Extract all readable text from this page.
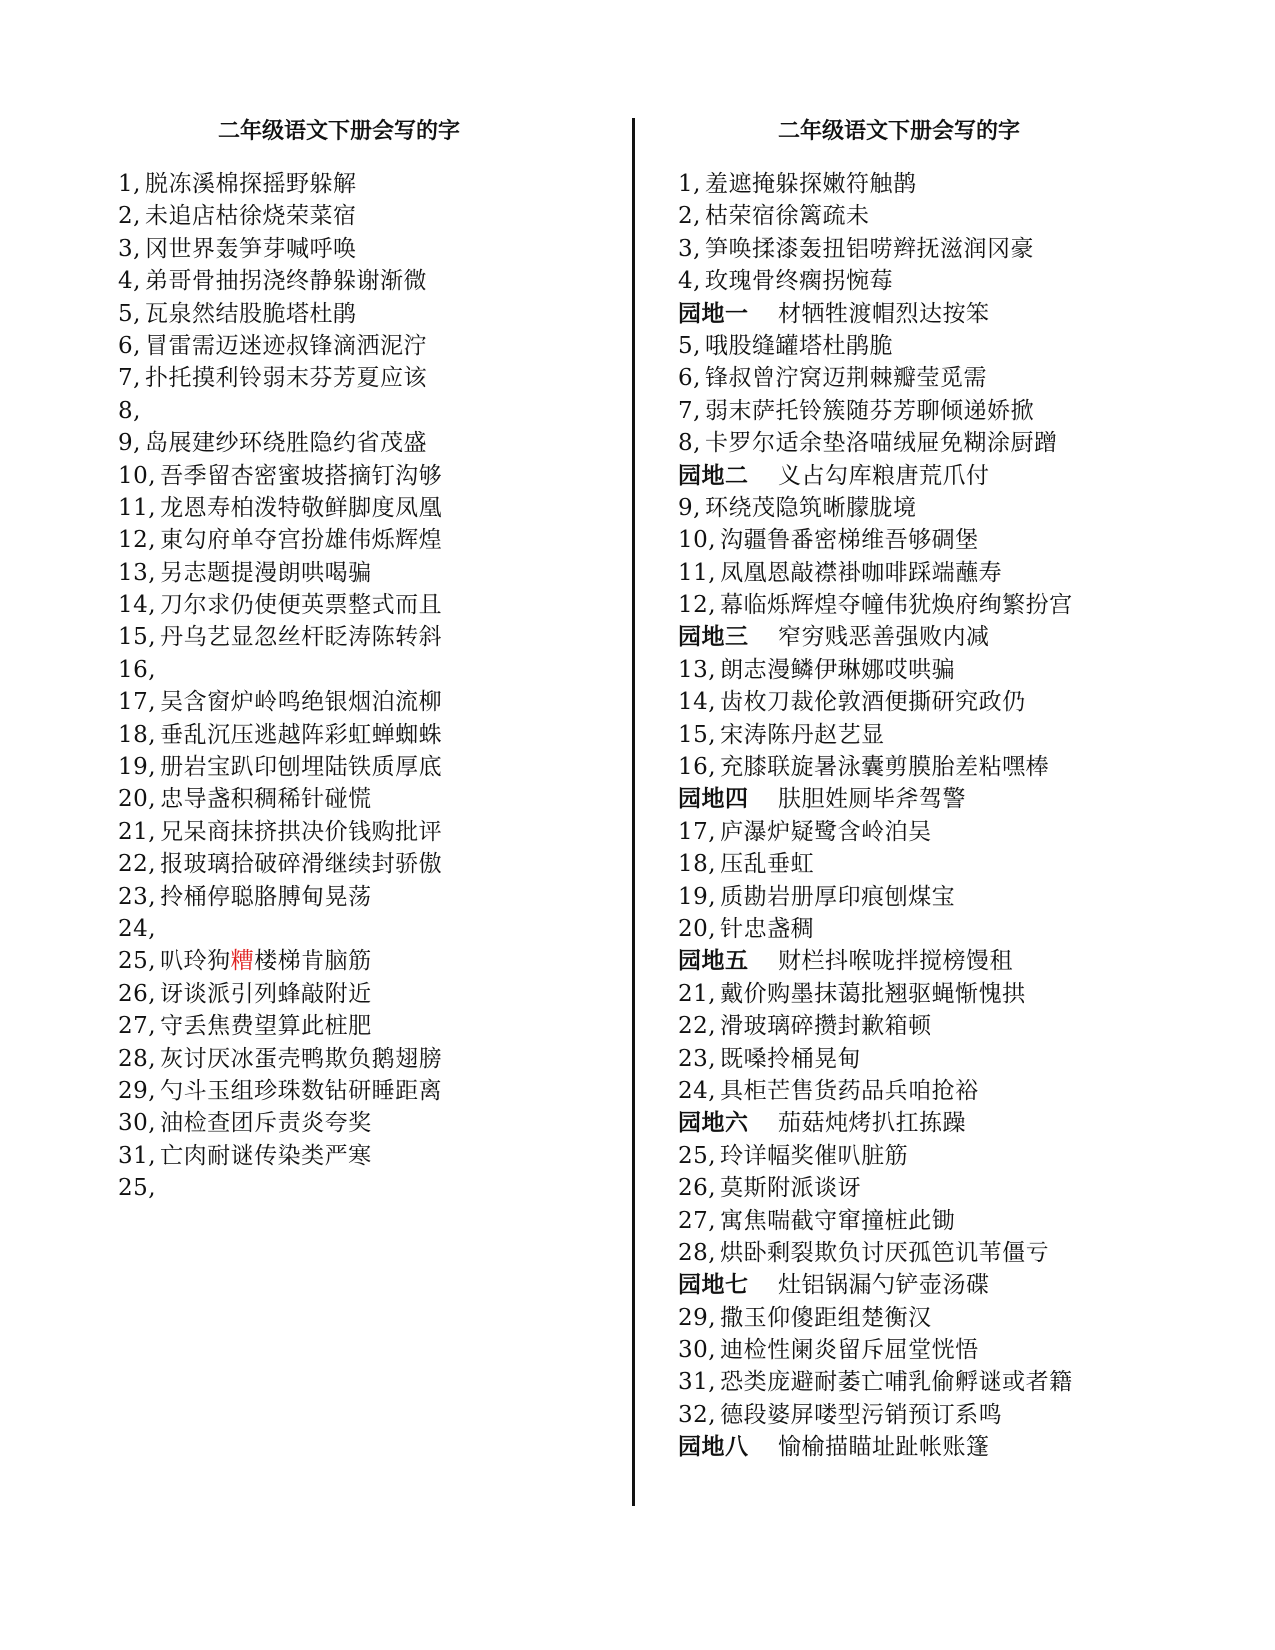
二年级语文下册会写的字
1, 脱冻溪棉探摇野躲解
2, 未追店枯徐烧荣菜宿
3, 冈世界轰笋芽喊呼唤
4, 弟哥骨抽拐浇终静躲谢渐微
5, 瓦泉然结股脆塔杜鹃
6, 冒雷需迈迷迹叔锋滴洒泥泞
7, 扑托摸利铃弱末芬芳夏应该
8,
9, 岛展建纱环绕胜隐约省茂盛
10, 吾季留杏密蜜坡搭摘钉沟够
11, 龙恩寿柏泼特敬鲜脚度凤凰
12, 東勾府单夺宫扮雄伟烁辉煌
13, 另志题提漫朗哄喝骗
14, 刀尔求仍使便英票整式而且
15, 丹乌艺显忽丝杆眨涛陈转斜
16,
17, 吴含窗炉岭鸣绝银烟泊流柳
18, 垂乱沉压逃越阵彩虹蝉蜘蛛
19, 册岩宝趴印刨埋陆铁质厚底
20, 忠导盏积稠稀针碰慌
21, 兄呆商抹挤拱决价钱购批评
22, 报玻璃拾破碎滑继续封骄傲
23, 拎桶停聪胳膊甸晃荡
24,
25, 叭玲狗糟楼梯肯脑筋
26, 讶谈派引列蜂敲附近
27, 守丢焦费望算此桩肥
28, 灰讨厌冰蛋壳鸭欺负鹅翅膀
29, 勺斗玉组珍珠数钻研睡距离
30, 油检查团斥责炎夸奖
31, 亡肉耐谜传染类严寒
25,
二年级语文下册会写的字
1, 羞遮掩躲探嫩符触鹊
2, 枯荣宿徐篱疏未
3, 笋唤揉漆轰扭铝唠辫抚滋润冈豪
4, 玫瑰骨终瘸拐惋莓
园地一 材牺牲渡帽烈达按笨
5, 哦股缝罐塔杜鹃脆
6, 锋叔曾泞窝迈荆棘瓣莹觅需
7, 弱末萨托铃簇随芬芳聊倾递娇掀
8, 卡罗尔适余垫洛喵绒屉免糊涂厨蹭
园地二 义占勾库粮唐荒爪付
9, 环绕茂隐筑晰朦胧境
10, 沟疆鲁番密梯维吾够碉堡
11, 凤凰恩敲襟褂咖啡踩端蘸寿
12, 幕临烁辉煌夺幢伟犹焕府绚繁扮宫
园地三 窄穷贱恶善强败内减
13, 朗志漫鳞伊琳娜哎哄骗
14, 齿枚刀裁伦敦酒便撕研究政仍
15, 宋涛陈丹赵艺显
16, 充膝联旋暑泳囊剪膜胎差粘嘿棒
园地四 肤胆姓厕毕斧驾警
17, 庐瀑炉疑鹭含岭泊吴
18, 压乱垂虹
19, 质勘岩册厚印痕刨煤宝
20, 针忠盏稠
园地五 财栏抖喉咙拌搅榜馒租
21, 戴价购墨抹蔼批翘驱蝇惭愧拱
22, 滑玻璃碎攒封歉箱顿
23, 既嗓拎桶晃甸
24, 具柜芒售货药品兵咱抢裕
园地六 茄菇炖烤扒扛拣躁
25, 玲详幅奖催叭脏筋
26, 莫斯附派谈讶
27, 寓焦喘截守窜撞桩此锄
28, 烘卧剩裂欺负讨厌孤笆讥苇僵亏
园地七 灶铝锅漏勺铲壶汤碟
29, 撒玉仰傻距组楚衡汉
30, 迪检性阑炎留斥屈堂恍悟
31, 恐类庞避耐萎亡哺乳偷孵谜或者籍
32, 德段婆屏喽型污销预订系鸣
园地八 愉榆描瞄址趾帐账篷
